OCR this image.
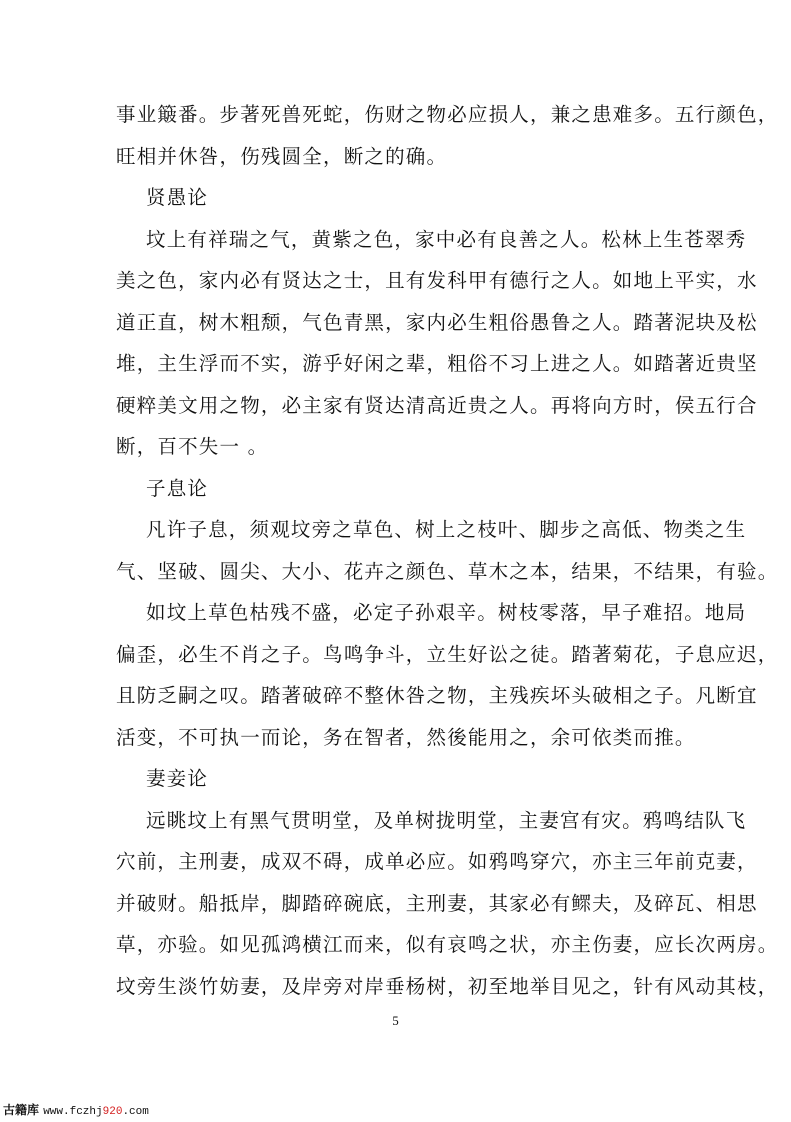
事业簸番。步著死兽死蛇，伤财之物必应损人，兼之患难多。五行颜色，
旺相并休咎，伤残圆全，断之的确。
贤愚论
坟上有祥瑞之气，黄紫之色，家中必有良善之人。松林上生苍翠秀
美之色，家内必有贤达之士，且有发科甲有德行之人。如地上平实，水
道正直，树木粗颓，气色青黑，家内必生粗俗愚鲁之人。踏著泥块及松
堆，主生浮而不实，游乎好闲之辈，粗俗不习上进之人。如踏著近贵坚
硬粹美文用之物，必主家有贤达清高近贵之人。再将向方时，侯五行合
断，百不失一 。
子息论
凡许子息，须观坟旁之草色、树上之枝叶、脚步之高低、物类之生
气、坚破、圆尖、大小、花卉之颜色、草木之本，结果，不结果，有验。
如坟上草色枯残不盛，必定子孙艰辛。树枝零落，早子难招。地局
偏歪，必生不肖之子。鸟鸣争斗，立生好讼之徒。踏著菊花，子息应迟，
且防乏嗣之叹。踏著破碎不整休咎之物，主残疾坏头破相之子。凡断宜
活变，不可执一而论，务在智者，然後能用之，余可依类而推。
妻妾论
远眺坟上有黑气贯明堂，及单树拢明堂，主妻宫有灾。鸦鸣结队飞
穴前，主刑妻，成双不碍，成单必应。如鸦鸣穿穴，亦主三年前克妻，
并破财。船抵岸，脚踏碎碗底，主刑妻，其家必有鳏夫，及碎瓦、相思
草，亦验。如见孤鸿横江而来，似有哀鸣之状，亦主伤妻，应长次两房。
坟旁生淡竹妨妻，及岸旁对岸垂杨树，初至地举目见之，针有风动其枝，
5
古籍库 www.fczhj920.com
